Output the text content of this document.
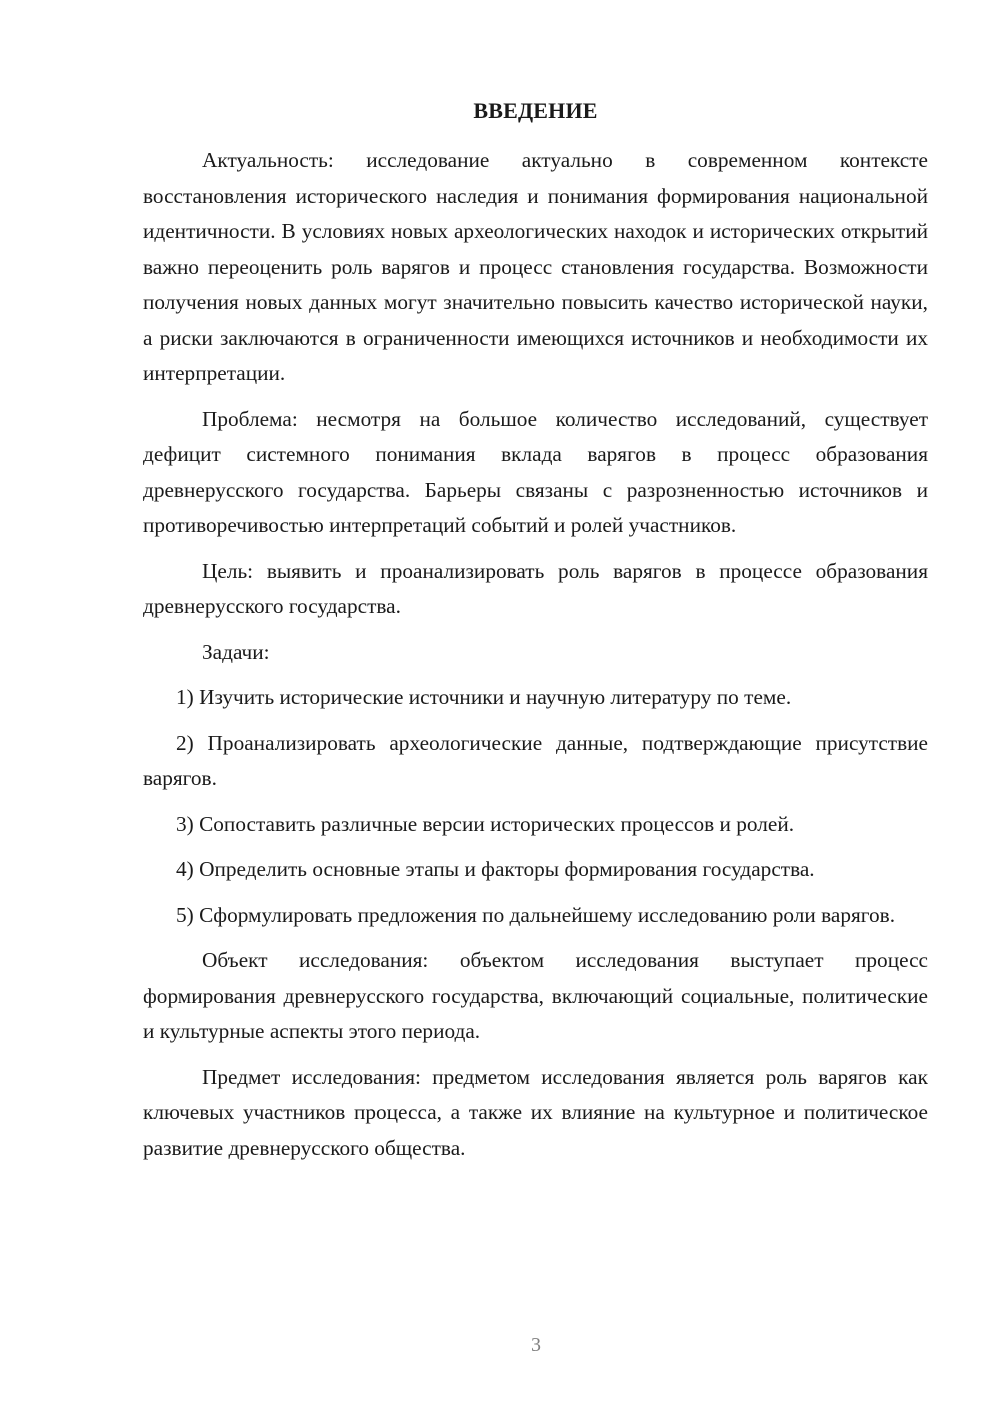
ВВЕДЕНИЕ

Актуальность: исследование актуально в современном контексте восстановления исторического наследия и понимания формирования национальной идентичности. В условиях новых археологических находок и исторических открытий важно переоценить роль варягов и процесс становления государства. Возможности получения новых данных могут значительно повысить качество исторической науки, а риски заключаются в ограниченности имеющихся источников и необходимости их интерпретации.

Проблема: несмотря на большое количество исследований, существует дефицит системного понимания вклада варягов в процесс образования древнерусского государства. Барьеры связаны с разрозненностью источников и противоречивостью интерпретаций событий и ролей участников.

Цель: выявить и проанализировать роль варягов в процессе образования древнерусского государства.

Задачи:

1) Изучить исторические источники и научную литературу по теме.

2) Проанализировать археологические данные, подтверждающие присутствие варягов.

3) Сопоставить различные версии исторических процессов и ролей.

4) Определить основные этапы и факторы формирования государства.

5) Сформулировать предложения по дальнейшему исследованию роли варягов.

Объект исследования: объектом исследования выступает процесс формирования древнерусского государства, включающий социальные, политические и культурные аспекты этого периода.

Предмет исследования: предметом исследования является роль варягов как ключевых участников процесса, а также их влияние на культурное и политическое развитие древнерусского общества.

3
